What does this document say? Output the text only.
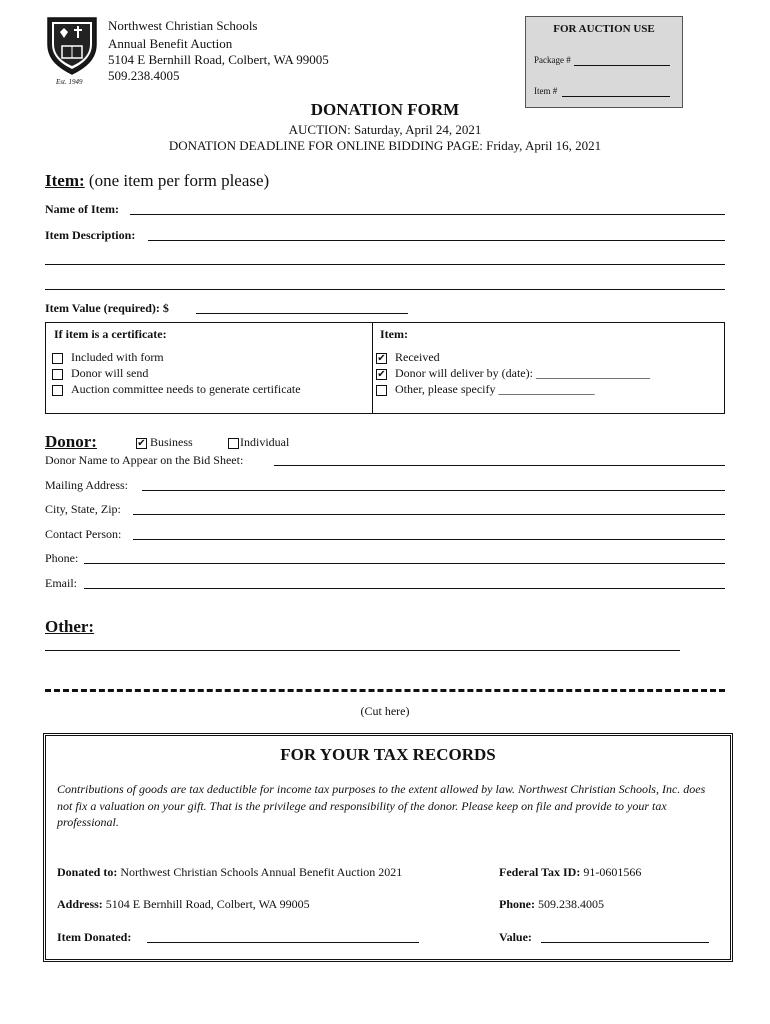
Est. 1949
Northwest Christian Schools
Annual Benefit Auction
5104 E Bernhill Road, Colbert, WA 99005
509.238.4005
FOR AUCTION USE
Package #
Item #
DONATION FORM
AUCTION: Saturday, April 24, 2021
DONATION DEADLINE FOR ONLINE BIDDING PAGE: Friday, April 16, 2021
Item: (one item per form please)
Name of Item:
Item Description:
Item Value (required): $
If item is a certificate:
Included with form
Donor will send
Auction committee needs to generate certificate
Item:
✔ Received
✔ Donor will deliver by (date): ___________________
Other, please specify ________________
Donor:	✔ Business	Individual
Donor Name to Appear on the Bid Sheet:
Mailing Address:
City, State, Zip:
Contact Person:
Phone:
Email:
Other:
(Cut here)
FOR YOUR TAX RECORDS
Contributions of goods are tax deductible for income tax purposes to the extent allowed by law. Northwest Christian Schools, Inc. does not fix a valuation on your gift. That is the privilege and responsibility of the donor. Please keep on file and provide to your tax professional.
Donated to: Northwest Christian Schools Annual Benefit Auction 2021	Federal Tax ID: 91-0601566
Address: 5104 E Bernhill Road, Colbert, WA 99005	Phone: 509.238.4005
Item Donated:	Value:
